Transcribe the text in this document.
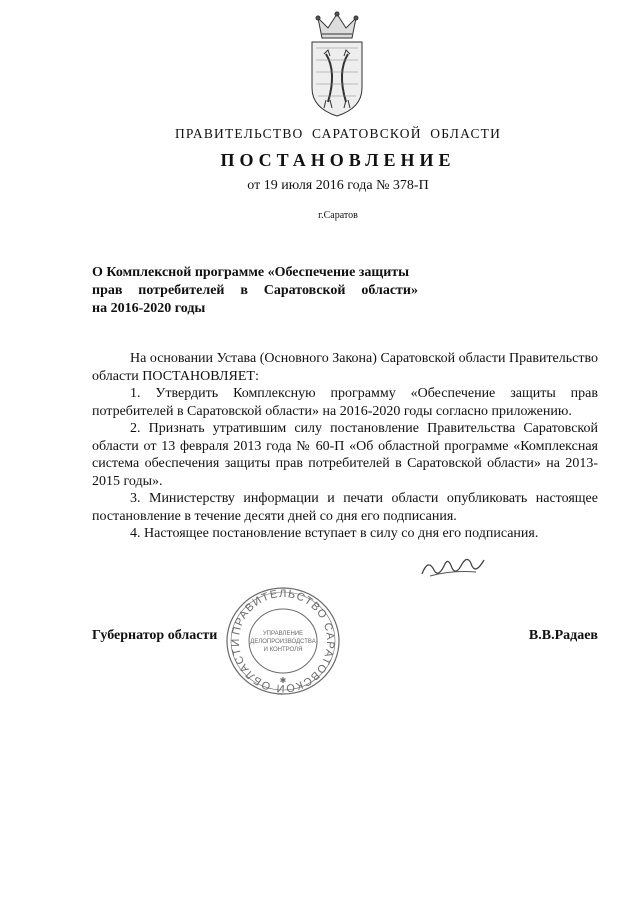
ПРАВИТЕЛЬСТВО САРАТОВСКОЙ ОБЛАСТИ
ПОСТАНОВЛЕНИЕ
от 19 июля 2016 года № 378-П
г.Саратов
О Комплексной программе «Обеспечение защиты
прав потребителей в Саратовской области»
на 2016-2020 годы

На основании Устава (Основного Закона) Саратовской области Правительство области ПОСТАНОВЛЯЕТ:

1. Утвердить Комплексную программу «Обеспечение защиты прав потребителей в Саратовской области» на 2016-2020 годы согласно приложению.

2. Признать утратившим силу постановление Правительства Саратовской области от 13 февраля 2013 года № 60-П «Об областной программе «Комплексная система обеспечения защиты прав потребителей в Саратовской области» на 2013-2015 годы».

3. Министерству информации и печати области опубликовать настоящее постановление в течение десяти дней со дня его подписания.

4. Настоящее постановление вступает в силу со дня его подписания.

Губернатор области	В.В.Радаев
ПРАВИТЕЛЬСТВО САРАТОВСКОЙ ОБЛАСТИ
УПРАВЛЕНИЕ
ДЕЛОПРОИЗВОДСТВА
И КОНТРОЛЯ
✱
